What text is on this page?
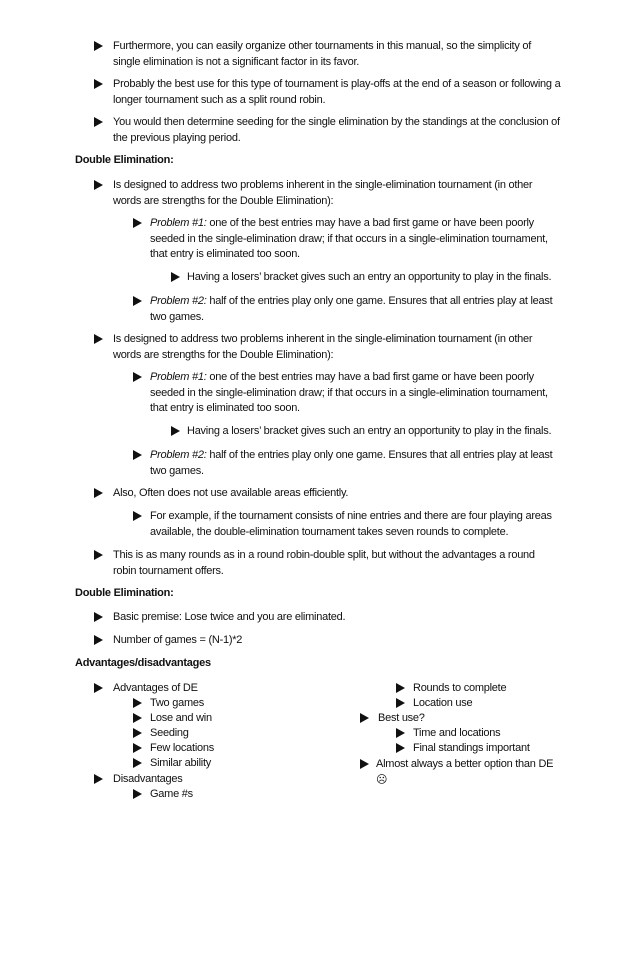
Furthermore, you can easily organize other tournaments in this manual, so the simplicity of single elimination is not a significant factor in its favor.
Probably the best use for this type of tournament is play-offs at the end of a season or following a longer tournament such as a split round robin.
You would then determine seeding for the single elimination by the standings at the conclusion of the previous playing period.
Double Elimination:
Is designed to address two problems inherent in the single-elimination tournament (in other words are strengths for the Double Elimination):
Problem #1: one of the best entries may have a bad first game or have been poorly seeded in the single-elimination draw; if that occurs in a single-elimination tournament, that entry is eliminated too soon.
Having a losers’ bracket gives such an entry an opportunity to play in the finals.
Problem #2: half of the entries play only one game. Ensures that all entries play at least two games.
Is designed to address two problems inherent in the single-elimination tournament (in other words are strengths for the Double Elimination):
Problem #1: one of the best entries may have a bad first game or have been poorly seeded in the single-elimination draw; if that occurs in a single-elimination tournament, that entry is eliminated too soon.
Having a losers’ bracket gives such an entry an opportunity to play in the finals.
Problem #2: half of the entries play only one game. Ensures that all entries play at least two games.
Also, Often does not use available areas efficiently.
For example, if the tournament consists of nine entries and there are four playing areas available, the double-elimination tournament takes seven rounds to complete.
This is as many rounds as in a round robin-double split, but without the advantages a round robin tournament offers.
Double Elimination:
Basic premise: Lose twice and you are eliminated.
Number of games = (N-1)*2
Advantages/disadvantages
Advantages of DE
Two games
Lose and win
Seeding
Few locations
Similar ability
Disadvantages
Game #s
Rounds to complete
Location use
Best use?
Time and locations
Final standings important
Almost always a better option than DE
☹
